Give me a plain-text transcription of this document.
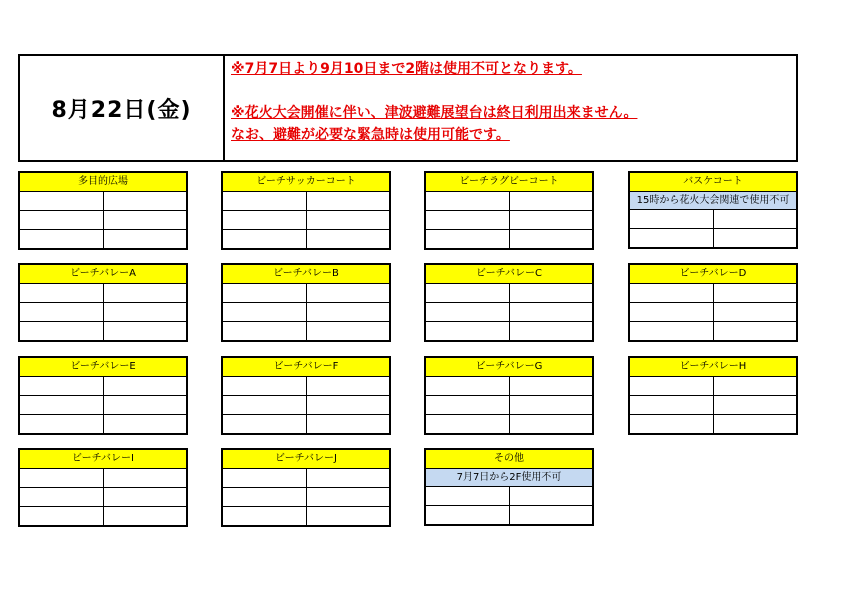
8月22日(金)
※7月7日より9月10日まで2階は使用不可となります。
※花火大会開催に伴い、津波避難展望台は終日利用出来ません。
なお、避難が必要な緊急時は使用可能です。
多目的広場	ビーチサッカーコート	ビーチラグビーコート	バスケコート
15時から花火大会関連で使用不可
ビーチバレーA	ビーチバレーB	ビーチバレーC	ビーチバレーD
ビーチバレーE	ビーチバレーF	ビーチバレーG	ビーチバレーH
ビーチバレーI	ビーチバレーJ	その他
7月7日から2F使用不可
